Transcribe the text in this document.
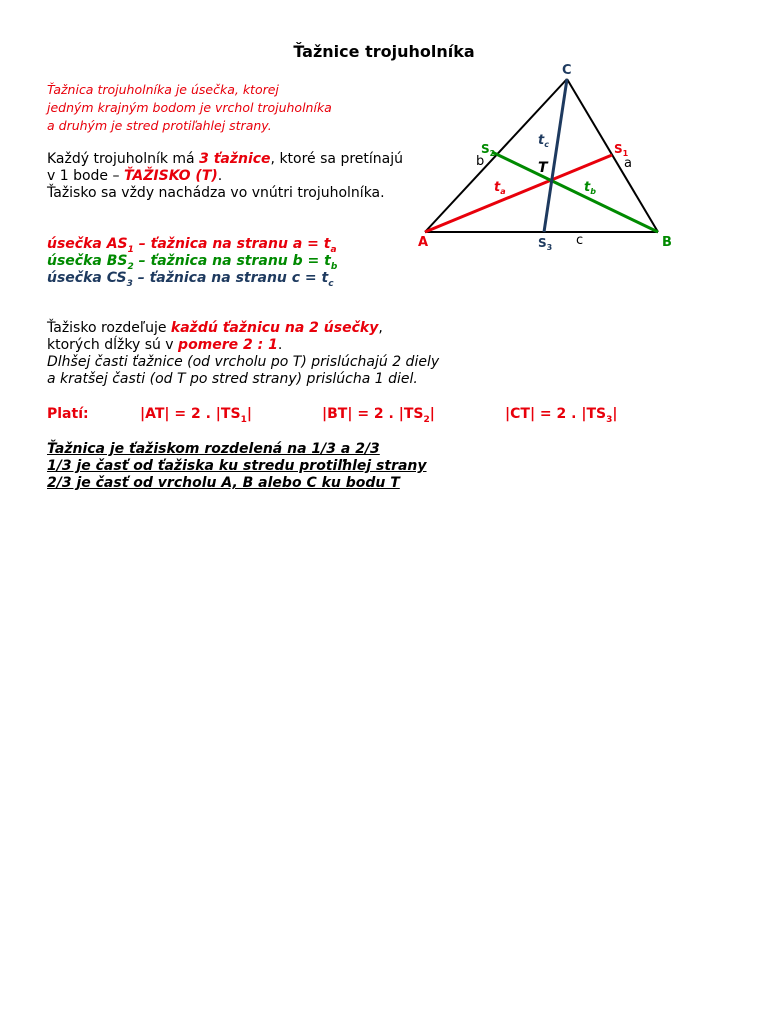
Ťažnice trojuholníka
Ťažnica trojuholníka je úsečka, ktorej
jedným krajným bodom je vrchol trojuholníka
a druhým je stred protiľahlej strany.
Každý trojuholník má 3 ťažnice, ktoré sa pretínajú
v 1 bode – ŤAŽISKO (T).
Ťažisko sa vždy nachádza vo vnútri trojuholníka.
úsečka $AS_1$ – ťažnica na stranu $a = t_a$
úsečka $BS_2$ – ťažnica na stranu $b = t_b$
úsečka $CS_3$ – ťažnica na stranu $c = t_c$
Ťažisko rozdeľuje každú ťažnicu na 2 úsečky,
ktorých dĺžky sú v pomere 2 : 1.
Dlhšej časti ťažnice (od vrcholu po T) prislúchajú 2 diely
a kratšej časti (od T po stred strany) prislúcha 1 diel.
Platí:	|AT| = 2 . $|TS_1|$	|BT| = 2 . $|TS_2|$	|CT| = 2 . $|TS_3|$
Ťažnica je ťažiskom rozdelená na 1/3 a 2/3
1/3 je časť od ťažiska ku stredu protiľhlej strany
2/3 je časť od vrcholu A, B alebo C ku bodu T
A	B
C
$S_1$
$S_2$
$S_3$
T	a
b
c
$t_a$	$t_b$
$t_c$
